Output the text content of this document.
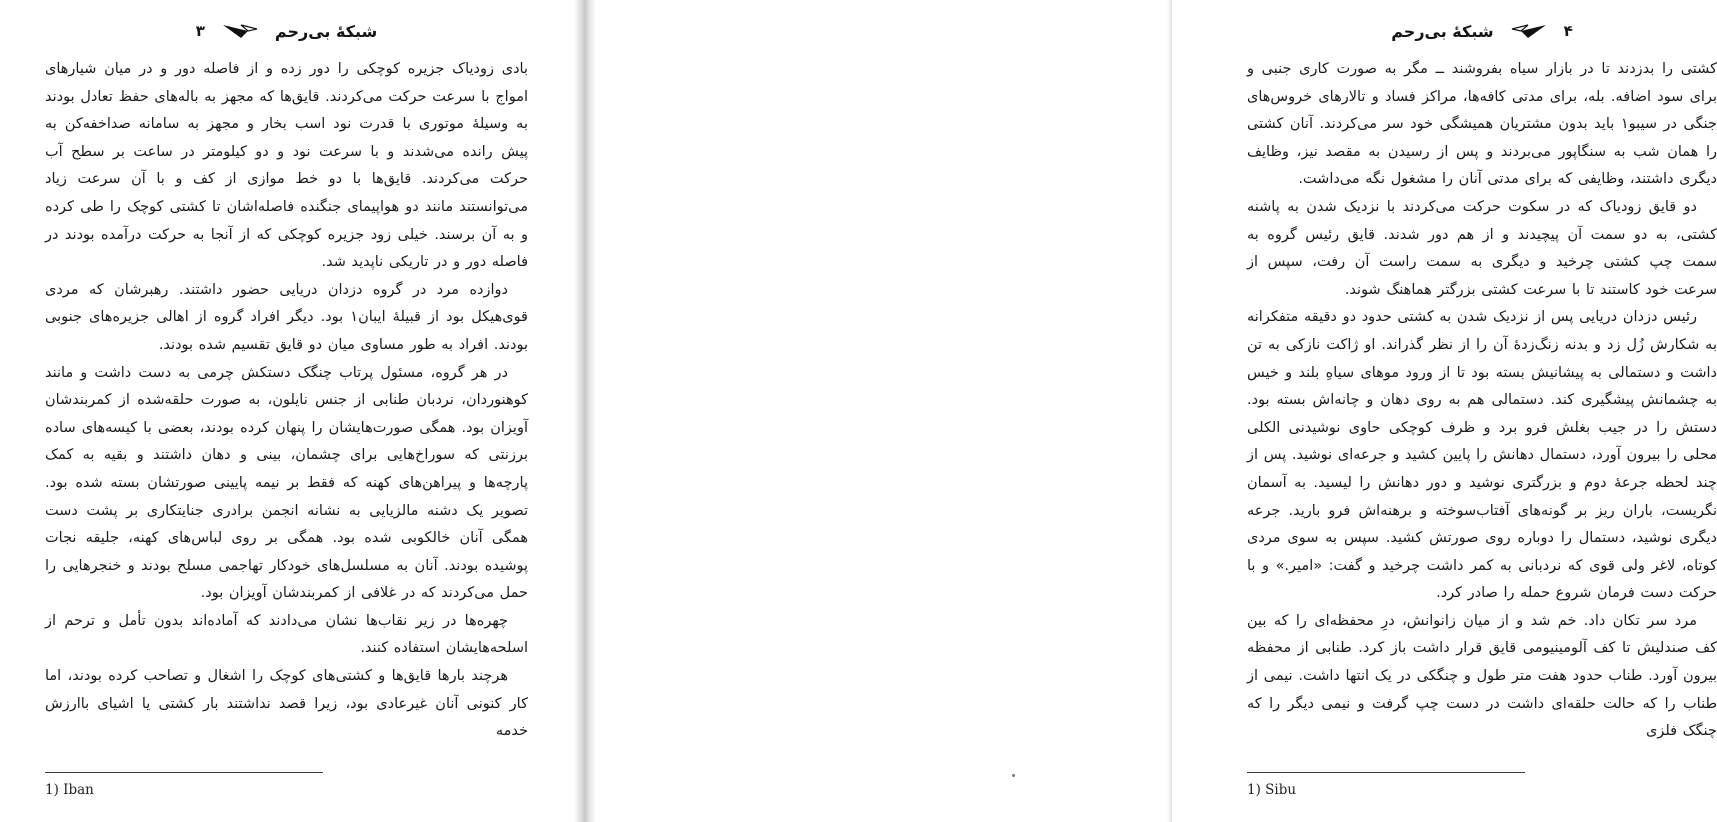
۳	شبکهٔ بی‌رحم

بادی زودیاک جزیره کوچکی را دور زده و از فاصله دور و در میان شیارهای امواج با سرعت حرکت می‌کردند. قایق‌ها که مجهز به باله‌های حفظ تعادل بودند به وسیلهٔ موتوری با قدرت نود اسب بخار و مجهز به سامانه صداخفه‌کن به پیش رانده می‌شدند و با سرعت نود و دو کیلومتر در ساعت بر سطح آب حرکت می‌کردند. قایق‌ها با دو خط موازی از کف و با آن سرعت زیاد می‌توانستند مانند دو هواپیمای جنگنده فاصله‌اشان تا کشتی کوچک را طی کرده و به آن برسند. خیلی زود جزیره کوچکی که از آنجا به حرکت درآمده بودند در فاصله دور و در تاریکی ناپدید شد.

دوازده مرد در گروه دزدان دریایی حضور داشتند. رهبرشان که مردی قوی‌هیکل بود از قبیلهٔ ایبان۱ بود. دیگر افراد گروه از اهالی جزیره‌های جنوبی بودند. افراد به طور مساوی میان دو قایق تقسیم شده بودند.

در هر گروه، مسئول پرتاب چنگک دستکش چرمی به دست داشت و مانند کوهنوردان، نردبان طنابی از جنس نایلون، به صورت حلقه‌شده از کمربندشان آویزان بود. همگی صورت‌هایشان را پنهان کرده بودند، بعضی با کیسه‌های ساده برزنتی که سوراخ‌هایی برای چشمان، بینی و دهان داشتند و بقیه به کمک پارچه‌ها و پیراهن‌های کهنه که فقط بر نیمه پایینی صورتشان بسته شده بود. تصویر یک دشنه مالزیایی به نشانه انجمن برادری جنایتکاری بر پشت دست همگی آنان خالکوبی شده بود. همگی بر روی لباس‌های کهنه، جلیقه نجات پوشیده بودند. آنان به مسلسل‌های خودکار تهاجمی مسلح بودند و خنجرهایی را حمل می‌کردند که در غلافی از کمربندشان آویزان بود.

چهره‌ها در زیر نقاب‌ها نشان می‌دادند که آماده‌اند بدون تأمل و ترحم از اسلحه‌هایشان استفاده کنند.

هرچند بارها قایق‌ها و کشتی‌های کوچک را اشغال و تصاحب کرده بودند، اما کار کنونی آنان غیرعادی بود، زیرا قصد نداشتند بار کشتی یا اشیای باارزش خدمه

1) Iban
شبکهٔ بی‌رحم	۴

کشتی را بدزدند تا در بازار سیاه بفروشند ــ مگر به صورت کاری جنبی و برای سود اضافه. بله، برای مدتی کافه‌ها، مراکز فساد و تالارهای خروس‌های جنگی در سیبو۱ باید بدون مشتریان همیشگی خود سر می‌کردند. آنان کشتی را همان شب به سنگاپور می‌بردند و پس از رسیدن به مقصد نیز، وظایف دیگری داشتند، وظایفی که برای مدتی آنان را مشغول نگه می‌داشت.

دو قایق زودیاک که در سکوت حرکت می‌کردند با نزدیک شدن به پاشنه کشتی، به دو سمت آن پیچیدند و از هم دور شدند. قایق رئیس گروه به سمت چپ کشتی چرخید و دیگری به سمت راست آن رفت، سپس از سرعت خود کاستند تا با سرعت کشتی بزرگتر هماهنگ شوند.

رئیس دزدان دریایی پس از نزدیک شدن به کشتی حدود دو دقیقه متفکرانه به شکارش زُل زد و بدنه زنگ‌زدهٔ آن را از نظر گذراند. او ژاکت نازکی به تن داشت و دستمالی به پیشانیش بسته بود تا از ورود موهای سیاهِ بلند و خیس به چشمانش پیشگیری کند. دستمالی هم به روی دهان و چانه‌اش بسته بود. دستش را در جیب بغلش فرو برد و ظرف کوچکی حاوی نوشیدنی الکلی محلی را بیرون آورد، دستمال دهانش را پایین کشید و جرعه‌ای نوشید. پس از چند لحظه جرعهٔ دوم و بزرگتری نوشید و دور دهانش را لیسید. به آسمان نگریست، باران ریز بر گونه‌های آفتاب‌سوخته و برهنه‌اش فرو بارید. جرعه دیگری نوشید، دستمال را دوباره روی صورتش کشید. سپس به سوی مردی کوتاه، لاغر ولی قوی که نردبانی به کمر داشت چرخید و گفت: «امیر.» و با حرکت دست فرمان شروع حمله را صادر کرد.

مرد سر تکان داد. خم شد و از میان زانوانش، درِ محفظه‌ای را که بین کف صندلیش تا کف آلومینیومی قایق قرار داشت باز کرد. طنابی از محفظه بیرون آورد. طناب حدود هفت متر طول و چنگکی در یک انتها داشت. نیمی از طناب را که حالت حلقه‌ای داشت در دست چپ گرفت و نیمی دیگر را که چنگک فلزی

1) Sibu
